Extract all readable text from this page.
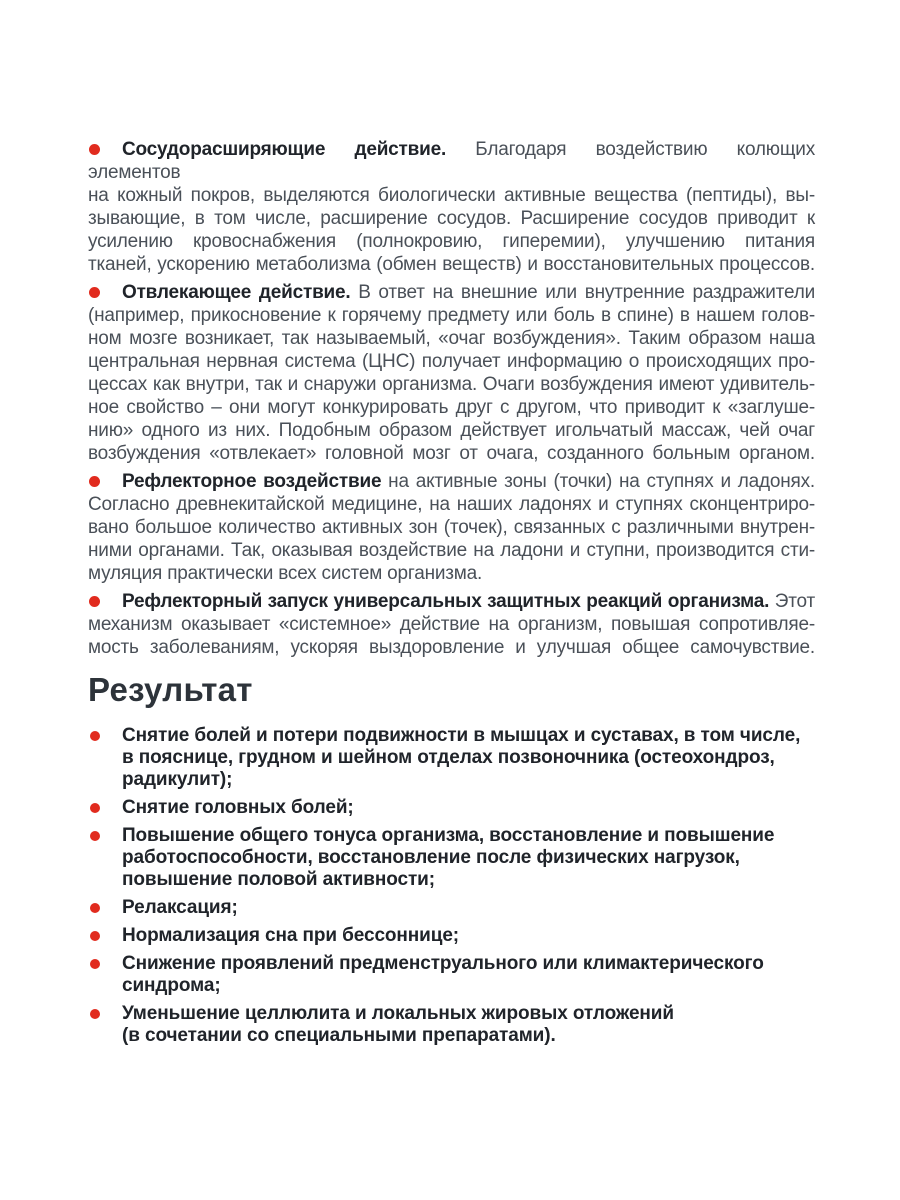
Сосудорасширяющие действие. Благодаря воздействию колющих элементов
на кожный покров, выделяются биологически активные вещества (пептиды), вы-
зывающие, в том числе, расширение сосудов. Расширение сосудов приводит к
усилению кровоснабжения (полнокровию, гиперемии), улучшению питания
тканей, ускорению метаболизма (обмен веществ) и восстановительных процессов.
Отвлекающее действие. В ответ на внешние или внутренние раздражители
(например, прикосновение к горячему предмету или боль в спине) в нашем голов-
ном мозге возникает, так называемый, «очаг возбуждения». Таким образом наша
центральная нервная система (ЦНС) получает информацию о происходящих про-
цессах как внутри, так и снаружи организма. Очаги возбуждения имеют удивитель-
ное свойство – они могут конкурировать друг с другом, что приводит к «заглуше-
нию» одного из них. Подобным образом действует игольчатый массаж, чей очаг
возбуждения «отвлекает» головной мозг от очага, созданного больным органом.
Рефлекторное воздействие на активные зоны (точки) на ступнях и ладонях.
Согласно древнекитайской медицине, на наших ладонях и ступнях сконцентриро-
вано большое количество активных зон (точек), связанных с различными внутрен-
ними органами. Так, оказывая воздействие на ладони и ступни, производится сти-
муляция практически всех систем организма.
Рефлекторный запуск универсальных защитных реакций организма. Этот
механизм оказывает «системное» действие на организм, повышая сопротивляе-
мость заболеваниям, ускоряя выздоровление и улучшая общее самочувствие.
Результат
Снятие болей и потери подвижности в мышцах и суставах, в том числе,
в пояснице, грудном и шейном отделах позвоночника (остеохондроз,
радикулит);
Снятие головных болей;
Повышение общего тонуса организма, восстановление и повышение
работоспособности, восстановление после физических нагрузок,
повышение половой активности;
Релаксация;
Нормализация сна при бессоннице;
Снижение проявлений предменструального или климактерического
синдрома;
Уменьшение целлюлита и локальных жировых отложений
(в сочетании со специальными препаратами).
